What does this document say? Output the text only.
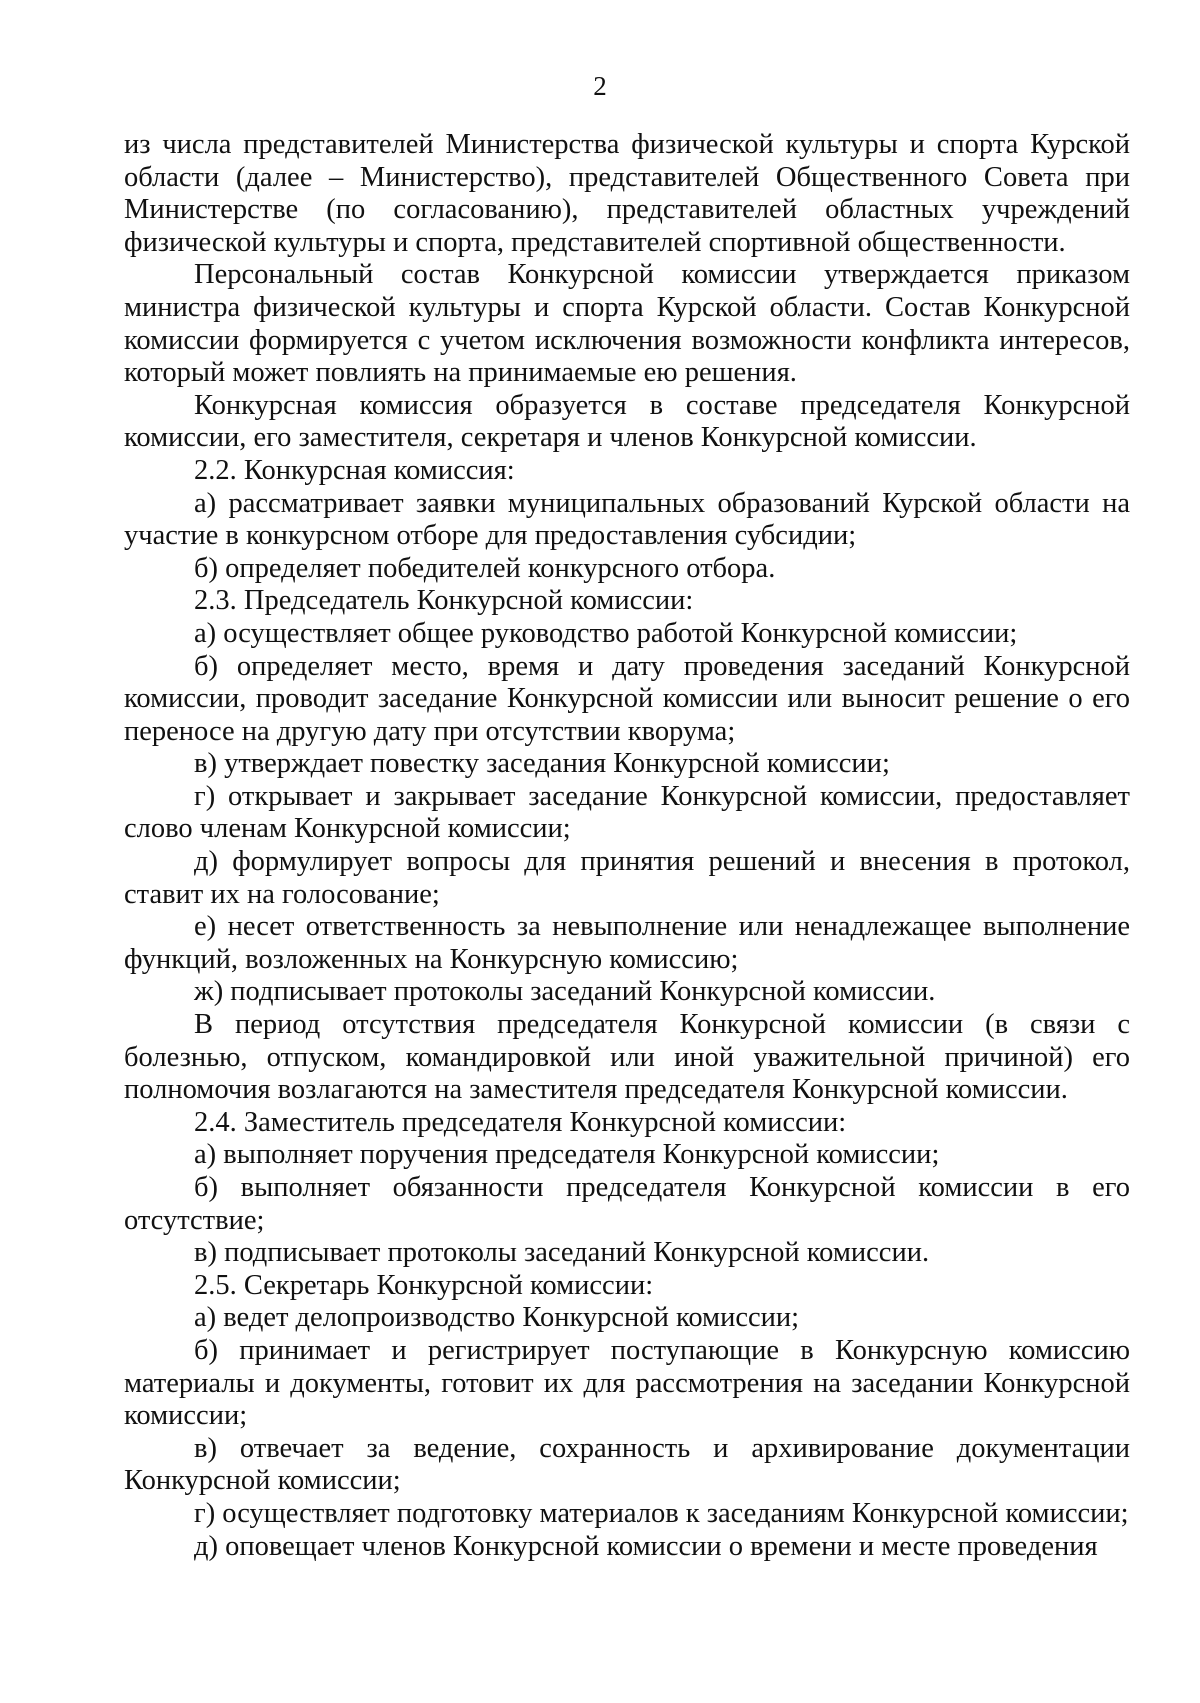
2

из числа представителей Министерства физической культуры и спорта Курской области (далее – Министерство), представителей Общественного Совета при Министерстве (по согласованию), представителей областных учреждений физической культуры и спорта, представителей спортивной общественности.

Персональный состав Конкурсной комиссии утверждается приказом министра физической культуры и спорта Курской области. Состав Конкурсной комиссии формируется с учетом исключения возможности конфликта интересов, который может повлиять на принимаемые ею решения.

Конкурсная комиссия образуется в составе председателя Конкурсной комиссии, его заместителя, секретаря и членов Конкурсной комиссии.

2.2. Конкурсная комиссия:

а) рассматривает заявки муниципальных образований Курской области на участие в конкурсном отборе для предоставления субсидии;

б) определяет победителей конкурсного отбора.

2.3. Председатель Конкурсной комиссии:

а) осуществляет общее руководство работой Конкурсной комиссии;

б) определяет место, время и дату проведения заседаний Конкурсной комиссии, проводит заседание Конкурсной комиссии или выносит решение о его переносе на другую дату при отсутствии кворума;

в) утверждает повестку заседания Конкурсной комиссии;

г) открывает и закрывает заседание Конкурсной комиссии, предоставляет слово членам Конкурсной комиссии;

д) формулирует вопросы для принятия решений и внесения в протокол, ставит их на голосование;

е) несет ответственность за невыполнение или ненадлежащее выполнение функций, возложенных на Конкурсную комиссию;

ж) подписывает протоколы заседаний Конкурсной комиссии.

В период отсутствия председателя Конкурсной комиссии (в связи с болезнью, отпуском, командировкой или иной уважительной причиной) его полномочия возлагаются на заместителя председателя Конкурсной комиссии.

2.4. Заместитель председателя Конкурсной комиссии:

а) выполняет поручения председателя Конкурсной комиссии;

б) выполняет обязанности председателя Конкурсной комиссии в его отсутствие;

в) подписывает протоколы заседаний Конкурсной комиссии.

2.5. Секретарь Конкурсной комиссии:

а) ведет делопроизводство Конкурсной комиссии;

б) принимает и регистрирует поступающие в Конкурсную комиссию материалы и документы, готовит их для рассмотрения на заседании Конкурсной комиссии;

в) отвечает за ведение, сохранность и архивирование документации Конкурсной комиссии;

г) осуществляет подготовку материалов к заседаниям Конкурсной комиссии;

д) оповещает членов Конкурсной комиссии о времени и месте проведения
